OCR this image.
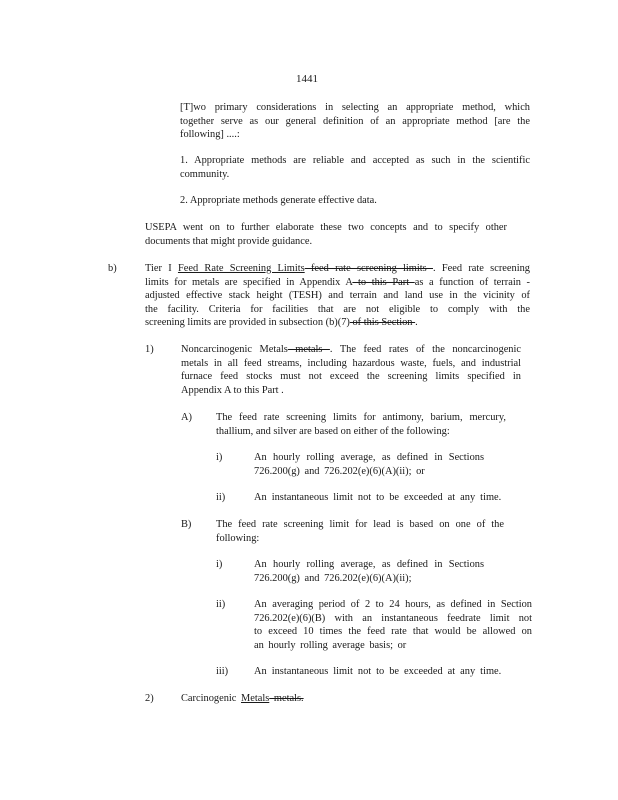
1441
[T]wo primary considerations in selecting an appropriate method, which
together serve as our general definition of an appropriate method [are the
following] ....:
1. Appropriate methods are reliable and accepted as such in the scientific
community.
2. Appropriate methods generate effective data.
USEPA went on to further elaborate these two concepts and to specify other
documents that might provide guidance.
b)	Tier I Feed Rate Screening Limits feed rate screening limits . Feed rate screening
limits for metals are specified in Appendix A to this Part as a function of terrain -
adjusted effective stack height (TESH) and terrain and land use in the vicinity of
the facility. Criteria for facilities that are not eligible to comply with the
screening limits are provided in subsection (b)(7) of this Section .
1)	Noncarcinogenic Metals metals . The feed rates of the noncarcinogenic
metals in all feed streams, including hazardous waste, fuels, and industrial
furnace feed stocks must not exceed the screening limits specified in
Appendix A to this Part .
A) The feed rate screening limits for antimony, barium, mercury,
thallium, and silver are based on either of the following:
i)	An hourly rolling average, as defined in Sections
726.200(g) and 726.202(e)(6)(A)(ii); or
ii)	An instantaneous limit not to be exceeded at any time.
B) The feed rate screening limit for lead is based on one of the
following:
i)	An hourly rolling average, as defined in Sections
726.200(g) and 726.202(e)(6)(A)(ii);
ii)	An averaging period of 2 to 24 hours, as defined in Section
726.202(e)(6)(B) with an instantaneous feedrate limit not
to exceed 10 times the feed rate that would be allowed on
an hourly rolling average basis; or
iii) An instantaneous limit not to be exceeded at any time.
2)	Carcinogenic Metals metals.
